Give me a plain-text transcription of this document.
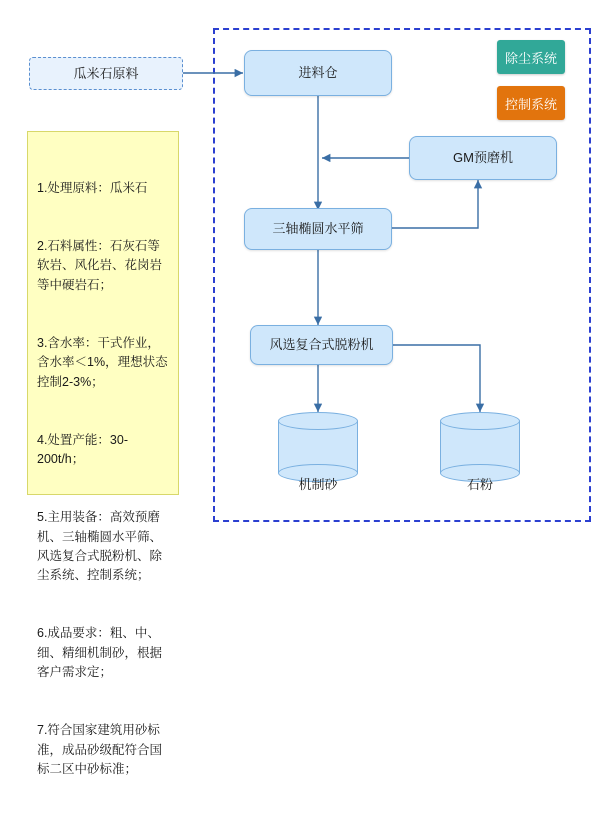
瓜米石原料

1.处理原料：瓜米石

2.石料属性：石灰石等软岩、风化岩、花岗岩等中硬岩石；

3.含水率：干式作业，含水率＜1%，理想状态控制2-3%；

4.处置产能：30-200t/h；

5.主用装备：高效预磨机、三轴椭圆水平筛、风选复合式脱粉机、除尘系统、控制系统；

6.成品要求：粗、中、细、精细机制砂，根据客户需求定；

7.符合国家建筑用砂标准，成品砂级配符合国标二区中砂标准；

进料仓
GM预磨机
三轴椭圆水平筛
风选复合式脱粉机
机制砂	石粉
除尘系统
控制系统
